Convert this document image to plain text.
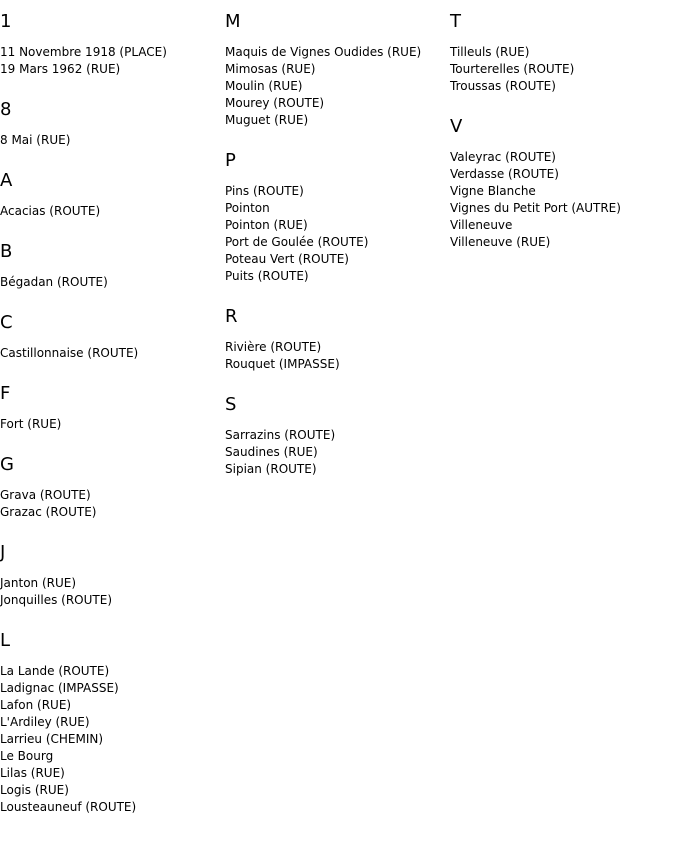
1
11 Novembre 1918 (PLACE)
19 Mars 1962 (RUE)
8
8 Mai (RUE)
A
Acacias (ROUTE)
B
Bégadan (ROUTE)
C
Castillonnaise (ROUTE)
F
Fort (RUE)
G
Grava (ROUTE)
Grazac (ROUTE)
J
Janton (RUE)
Jonquilles (ROUTE)
L
La Lande (ROUTE)
Ladignac (IMPASSE)
Lafon (RUE)
L'Ardiley (RUE)
Larrieu (CHEMIN)
Le Bourg
Lilas (RUE)
Logis (RUE)
Lousteauneuf (ROUTE)
M
Maquis de Vignes Oudides (RUE)
Mimosas (RUE)
Moulin (RUE)
Mourey (ROUTE)
Muguet (RUE)
P
Pins (ROUTE)
Pointon
Pointon (RUE)
Port de Goulée (ROUTE)
Poteau Vert (ROUTE)
Puits (ROUTE)
R
Rivière (ROUTE)
Rouquet (IMPASSE)
S
Sarrazins (ROUTE)
Saudines (RUE)
Sipian (ROUTE)
T
Tilleuls (RUE)
Tourterelles (ROUTE)
Troussas (ROUTE)
V
Valeyrac (ROUTE)
Verdasse (ROUTE)
Vigne Blanche
Vignes du Petit Port (AUTRE)
Villeneuve
Villeneuve (RUE)
